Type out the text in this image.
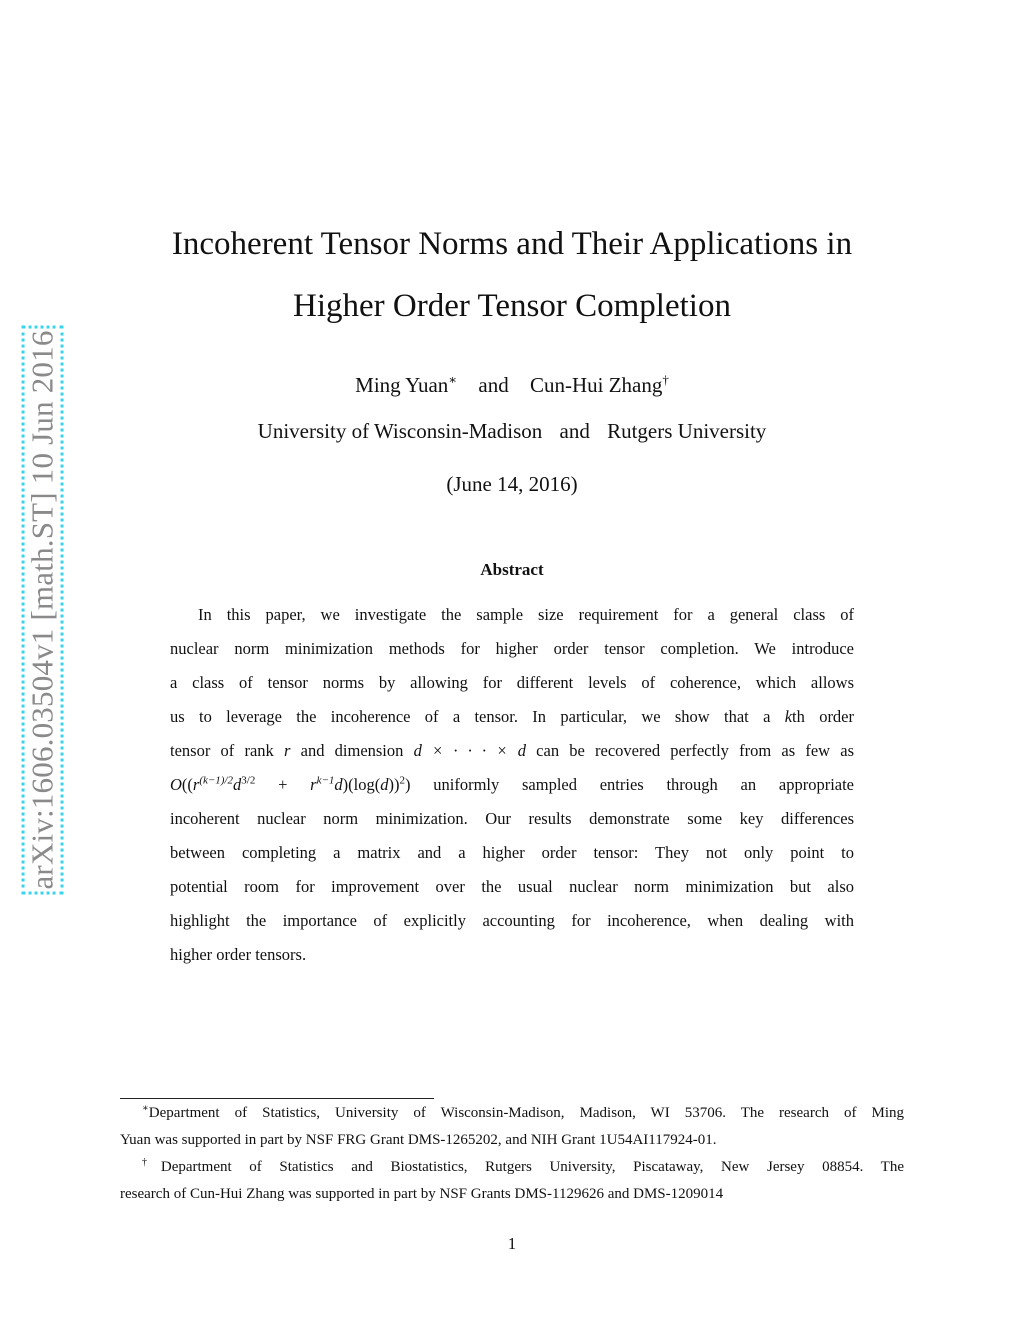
arXiv:1606.03504v1 [math.ST] 10 Jun 2016
Incoherent Tensor Norms and Their Applications in
Higher Order Tensor Completion
Ming Yuan∗ and Cun-Hui Zhang†
University of Wisconsin-Madison and Rutgers University
(June 14, 2016)
Abstract
In this paper, we investigate the sample size requirement for a general class of
nuclear norm minimization methods for higher order tensor completion. We introduce
a class of tensor norms by allowing for different levels of coherence, which allows
us to leverage the incoherence of a tensor. In particular, we show that a kth order
tensor of rank r and dimension d × · · · × d can be recovered perfectly from as few as
$O((r^{(k-1)/2}d^{3/2} + r^{k-1}d)(\log(d))^2)$ uniformly sampled entries through an appropriate
incoherent nuclear norm minimization. Our results demonstrate some key differences
between completing a matrix and a higher order tensor: They not only point to
potential room for improvement over the usual nuclear norm minimization but also
highlight the importance of explicitly accounting for incoherence, when dealing with
higher order tensors.
∗Department of Statistics, University of Wisconsin-Madison, Madison, WI 53706. The research of Ming
Yuan was supported in part by NSF FRG Grant DMS-1265202, and NIH Grant 1U54AI117924-01.
†Department of Statistics and Biostatistics, Rutgers University, Piscataway, New Jersey 08854. The
research of Cun-Hui Zhang was supported in part by NSF Grants DMS-1129626 and DMS-1209014
1
